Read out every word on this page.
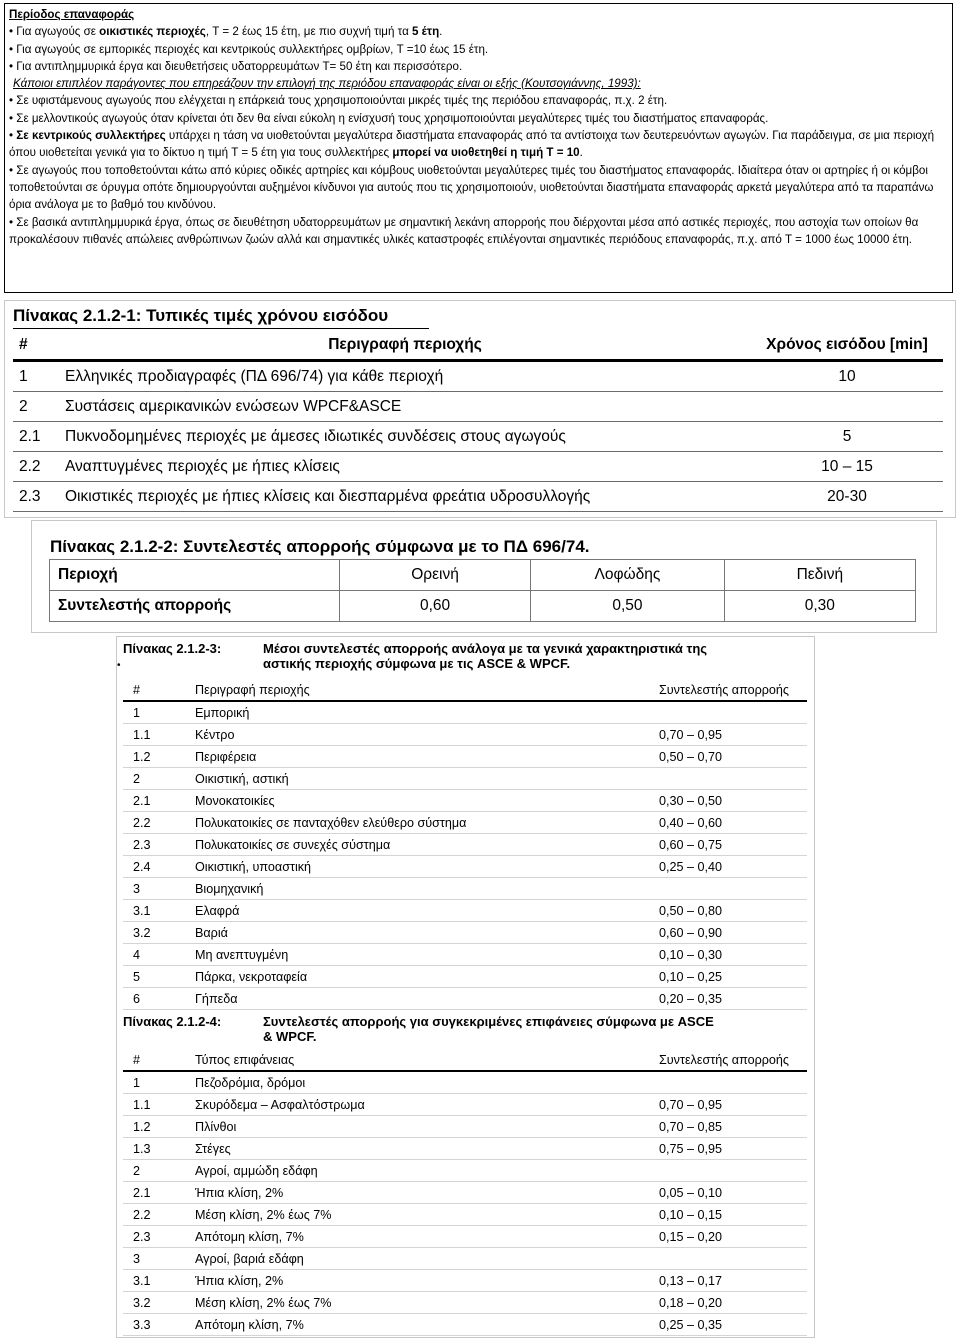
Περίοδος επαναφοράς

• Για αγωγούς σε οικιστικές περιοχές, T = 2 έως 15 έτη, με πιο συχνή τιμή τα 5 έτη.

• Για αγωγούς σε εμπορικές περιοχές και κεντρικούς συλλεκτήρες ομβρίων, T =10 έως 15 έτη.

• Για αντιπλημμυρικά έργα και διευθετήσεις υδατορρευμάτων T= 50 έτη και περισσότερο.

Κάποιοι επιπλέον παράγοντες που επηρεάζουν την επιλογή της περιόδου επαναφοράς είναι οι εξής (Κουτσογιάννης, 1993):

• Σε υφιστάμενους αγωγούς που ελέγχεται η επάρκειά τους χρησιμοποιούνται μικρές τιμές της περιόδου επαναφοράς, π.χ. 2 έτη.

• Σε μελλοντικούς αγωγούς όταν κρίνεται ότι δεν θα είναι εύκολη η ενίσχυσή τους χρησιμοποιούνται μεγαλύτερες τιμές του διαστήματος επαναφοράς.

• Σε κεντρικούς συλλεκτήρες υπάρχει η τάση να υιοθετούνται μεγαλύτερα διαστήματα επαναφοράς από τα αντίστοιχα των δευτερευόντων αγωγών. Για παράδειγμα, σε μια περιοχή όπου υιοθετείται γενικά για το δίκτυο η τιμή T = 5 έτη για τους συλλεκτήρες μπορεί να υιοθετηθεί η τιμή T = 10.

• Σε αγωγούς που τοποθετούνται κάτω από κύριες οδικές αρτηρίες και κόμβους υιοθετούνται μεγαλύτερες τιμές του διαστήματος επαναφοράς. Ιδιαίτερα όταν οι αρτηρίες ή οι κόμβοι τοποθετούνται σε όρυγμα οπότε δημιουργούνται αυξημένοι κίνδυνοι για αυτούς που τις χρησιμοποιούν, υιοθετούνται διαστήματα επαναφοράς αρκετά μεγαλύτερα από τα παραπάνω όρια ανάλογα με το βαθμό του κινδύνου.

• Σε βασικά αντιπλημμυρικά έργα, όπως σε διευθέτηση υδατορρευμάτων με σημαντική λεκάνη απορροής που διέρχονται μέσα από αστικές περιοχές, που αστοχία των οποίων θα προκαλέσουν πιθανές απώλειες ανθρώπινων ζωών αλλά και σημαντικές υλικές καταστροφές επιλέγονται σημαντικές περιόδους επαναφοράς, π.χ. από T = 1000 έως 10000 έτη.

Πίνακας 2.1.2-1: Τυπικές τιμές χρόνου εισόδου
#	Περιγραφή περιοχής	Χρόνος εισόδου [min]
1	Ελληνικές προδιαγραφές (ΠΔ 696/74) για κάθε περιοχή	10
2	Συστάσεις αμερικανικών ενώσεων WPCF&ASCE	
2.1	Πυκνοδομημένες περιοχές με άμεσες ιδιωτικές συνδέσεις στους αγωγούς	5
2.2	Αναπτυγμένες περιοχές με ήπιες κλίσεις	10 – 15
2.3	Οικιστικές περιοχές με ήπιες κλίσεις και διεσπαρμένα φρεάτια υδροσυλλογής	20-30
Πίνακας 2.1.2-2: Συντελεστές απορροής σύμφωνα με το ΠΔ 696/74.
Περιοχή	Ορεινή	Λοφώδης	Πεδινή
Συντελεστής απορροής	0,60	0,50	0,30
•
Πίνακας 2.1.2-3:	Μέσοι συντελεστές απορροής ανάλογα με τα γενικά χαρακτηριστικά της
αστικής περιοχής σύμφωνα με τις ASCE & WPCF.
#	Περιγραφή περιοχής	Συντελεστής απορροής
1	Εμπορική	
1.1	Κέντρο	0,70 – 0,95
1.2	Περιφέρεια	0,50 – 0,70
2	Οικιστική, αστική	
2.1	Μονοκατοικίες	0,30 – 0,50
2.2	Πολυκατοικίες σε πανταχόθεν ελεύθερο σύστημα	0,40 – 0,60
2.3	Πολυκατοικίες σε συνεχές σύστημα	0,60 – 0,75
2.4	Οικιστική, υποαστική	0,25 – 0,40
3	Βιομηχανική	
3.1	Ελαφρά	0,50 – 0,80
3.2	Βαριά	0,60 – 0,90
4	Μη ανεπτυγμένη	0,10 – 0,30
5	Πάρκα, νεκροταφεία	0,10 – 0,25
6	Γήπεδα	0,20 – 0,35
Πίνακας 2.1.2-4:	Συντελεστές απορροής για συγκεκριμένες επιφάνειες σύμφωνα με ASCE
& WPCF.
#	Τύπος επιφάνειας	Συντελεστής απορροής
1	Πεζοδρόμια, δρόμοι	
1.1	Σκυρόδεμα – Ασφαλτόστρωμα	0,70 – 0,95
1.2	Πλίνθοι	0,70 – 0,85
1.3	Στέγες	0,75 – 0,95
2	Αγροί, αμμώδη εδάφη	
2.1	Ήπια κλίση, 2%	0,05 – 0,10
2.2	Μέση κλίση, 2% έως 7%	0,10 – 0,15
2.3	Απότομη κλίση, 7%	0,15 – 0,20
3	Αγροί, βαριά εδάφη	
3.1	Ήπια κλίση, 2%	0,13 – 0,17
3.2	Μέση κλίση, 2% έως 7%	0,18 – 0,20
3.3	Απότομη κλίση, 7%	0,25 – 0,35
